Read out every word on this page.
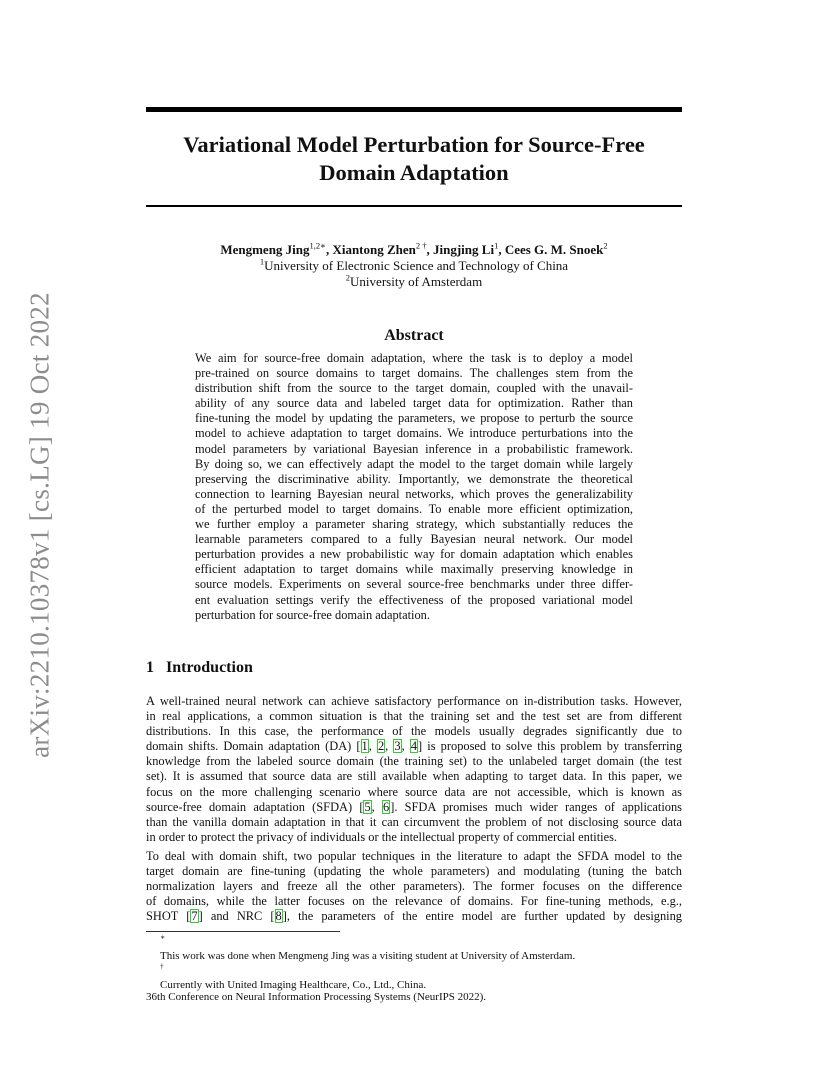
arXiv:2210.10378v1 [cs.LG] 19 Oct 2022
Variational Model Perturbation for Source-Free
Domain Adaptation
Mengmeng Jing$^{1,2∗}$, Xiantong Zhen$^{2 \dagger}$, Jingjing Li$^1$, Cees G. M. Snoek$^2$
$^1$University of Electronic Science and Technology of China
$^2$University of Amsterdam
Abstract
We aim for source-free domain adaptation, where the task is to deploy a model
pre-trained on source domains to target domains. The challenges stem from the
distribution shift from the source to the target domain, coupled with the unavail-
ability of any source data and labeled target data for optimization. Rather than
fine-tuning the model by updating the parameters, we propose to perturb the source
model to achieve adaptation to target domains. We introduce perturbations into the
model parameters by variational Bayesian inference in a probabilistic framework.
By doing so, we can effectively adapt the model to the target domain while largely
preserving the discriminative ability. Importantly, we demonstrate the theoretical
connection to learning Bayesian neural networks, which proves the generalizability
of the perturbed model to target domains. To enable more efficient optimization,
we further employ a parameter sharing strategy, which substantially reduces the
learnable parameters compared to a fully Bayesian neural network. Our model
perturbation provides a new probabilistic way for domain adaptation which enables
efficient adaptation to target domains while maximally preserving knowledge in
source models. Experiments on several source-free benchmarks under three differ-
ent evaluation settings verify the effectiveness of the proposed variational model
perturbation for source-free domain adaptation.
1 Introduction
A well-trained neural network can achieve satisfactory performance on in-distribution tasks. However,
in real applications, a common situation is that the training set and the test set are from different
distributions. In this case, the performance of the models usually degrades significantly due to
domain shifts. Domain adaptation (DA) [1, 2, 3, 4] is proposed to solve this problem by transferring
knowledge from the labeled source domain (the training set) to the unlabeled target domain (the test
set). It is assumed that source data are still available when adapting to target data. In this paper, we
focus on the more challenging scenario where source data are not accessible, which is known as
source-free domain adaptation (SFDA) [5, 6]. SFDA promises much wider ranges of applications
than the vanilla domain adaptation in that it can circumvent the problem of not disclosing source data
in order to protect the privacy of individuals or the intellectual property of commercial entities.
To deal with domain shift, two popular techniques in the literature to adapt the SFDA model to the
target domain are fine-tuning (updating the whole parameters) and modulating (tuning the batch
normalization layers and freeze all the other parameters). The former focuses on the difference
of domains, while the latter focuses on the relevance of domains. For fine-tuning methods, e.g.,
SHOT [7] and NRC [8], the parameters of the entire model are further updated by designing
∗
This work was done when Mengmeng Jing was a visiting student at University of Amsterdam.
†
Currently with United Imaging Healthcare, Co., Ltd., China.
36th Conference on Neural Information Processing Systems (NeurIPS 2022).
